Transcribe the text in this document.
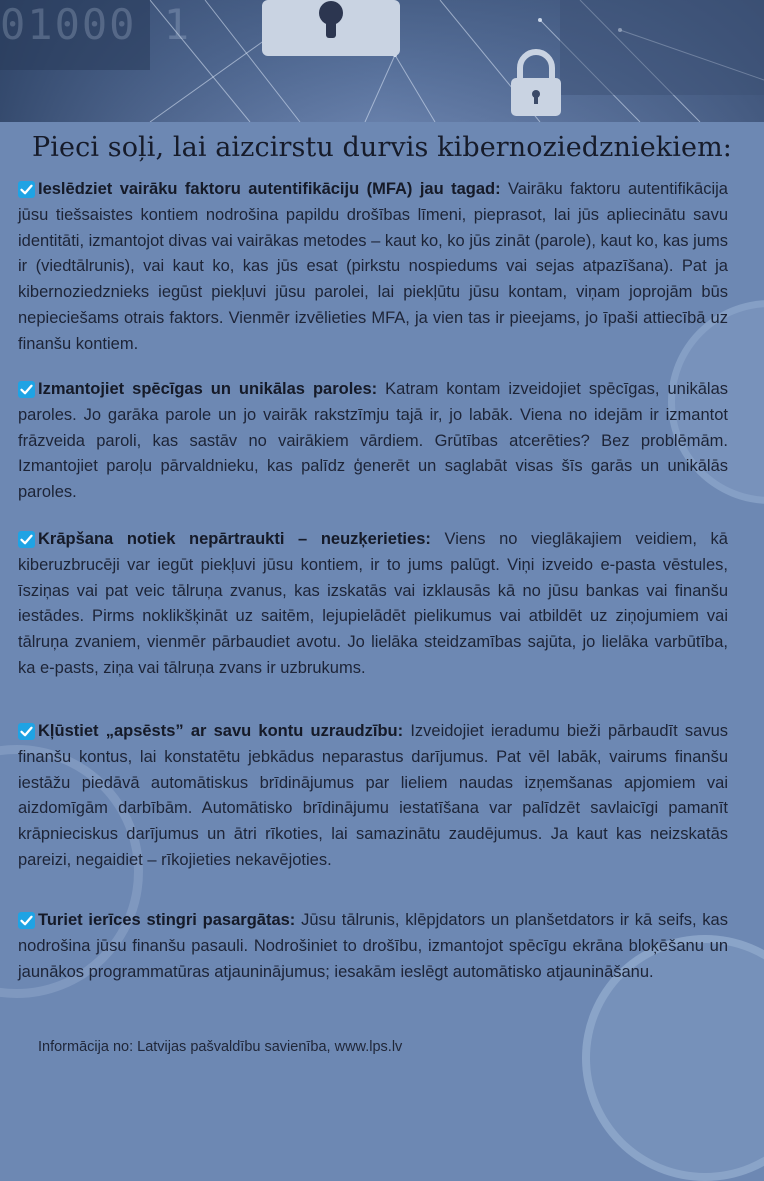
01000 1
Pieci soļi, lai aizcirstu durvis kibernoziedzniekiem:

Ieslēdziet vairāku faktoru autentifikāciju (MFA) jau tagad: Vairāku faktoru autentifikācija jūsu tiešsaistes kontiem nodrošina papildu drošības līmeni, pieprasot, lai jūs apliecinātu savu identitāti, izmantojot divas vai vairākas metodes – kaut ko, ko jūs zināt (parole), kaut ko, kas jums ir (viedtālrunis), vai kaut ko, kas jūs esat (pirkstu nospiedums vai sejas atpazīšana). Pat ja kibernoziedznieks iegūst piekļuvi jūsu parolei, lai piekļūtu jūsu kontam, viņam joprojām būs nepieciešams otrais faktors. Vienmēr izvēlieties MFA, ja vien tas ir pieejams, jo īpaši attiecībā uz finanšu kontiem.

Izmantojiet spēcīgas un unikālas paroles: Katram kontam izveidojiet spēcīgas, unikālas paroles. Jo garāka parole un jo vairāk rakstzīmju tajā ir, jo labāk. Viena no idejām ir izmantot frāzveida paroli, kas sastāv no vairākiem vārdiem. Grūtības atcerēties? Bez problēmām. Izmantojiet paroļu pārvaldnieku, kas palīdz ģenerēt un saglabāt visas šīs garās un unikālās paroles.

Krāpšana notiek nepārtraukti – neuzķerieties: Viens no vieglākajiem veidiem, kā kiberuzbrucēji var iegūt piekļuvi jūsu kontiem, ir to jums palūgt. Viņi izveido e-pasta vēstules, īsziņas vai pat veic tālruņa zvanus, kas izskatās vai izklausās kā no jūsu bankas vai finanšu iestādes. Pirms noklikšķināt uz saitēm, lejupielādēt pielikumus vai atbildēt uz ziņojumiem vai tālruņa zvaniem, vienmēr pārbaudiet avotu. Jo lielāka steidzamības sajūta, jo lielāka varbūtība, ka e-pasts, ziņa vai tālruņa zvans ir uzbrukums.

Kļūstiet „apsēsts” ar savu kontu uzraudzību: Izveidojiet ieradumu bieži pārbaudīt savus finanšu kontus, lai konstatētu jebkādus neparastus darījumus. Pat vēl labāk, vairums finanšu iestāžu piedāvā automātiskus brīdinājumus par lieliem naudas izņemšanas apjomiem vai aizdomīgām darbībām. Automātisko brīdinājumu iestatīšana var palīdzēt savlaicīgi pamanīt krāpnieciskus darījumus un ātri rīkoties, lai samazinātu zaudējumus. Ja kaut kas neizskatās pareizi, negaidiet – rīkojieties nekavējoties.

Turiet ierīces stingri pasargātas: Jūsu tālrunis, klēpjdators un planšetdators ir kā seifs, kas nodrošina jūsu finanšu pasauli. Nodrošiniet to drošību, izmantojot spēcīgu ekrāna bloķēšanu un jaunākos programmatūras atjauninājumus; iesakām ieslēgt automātisko atjaunināšanu.

Informācija no: Latvijas pašvaldību savienība, www.lps.lv
